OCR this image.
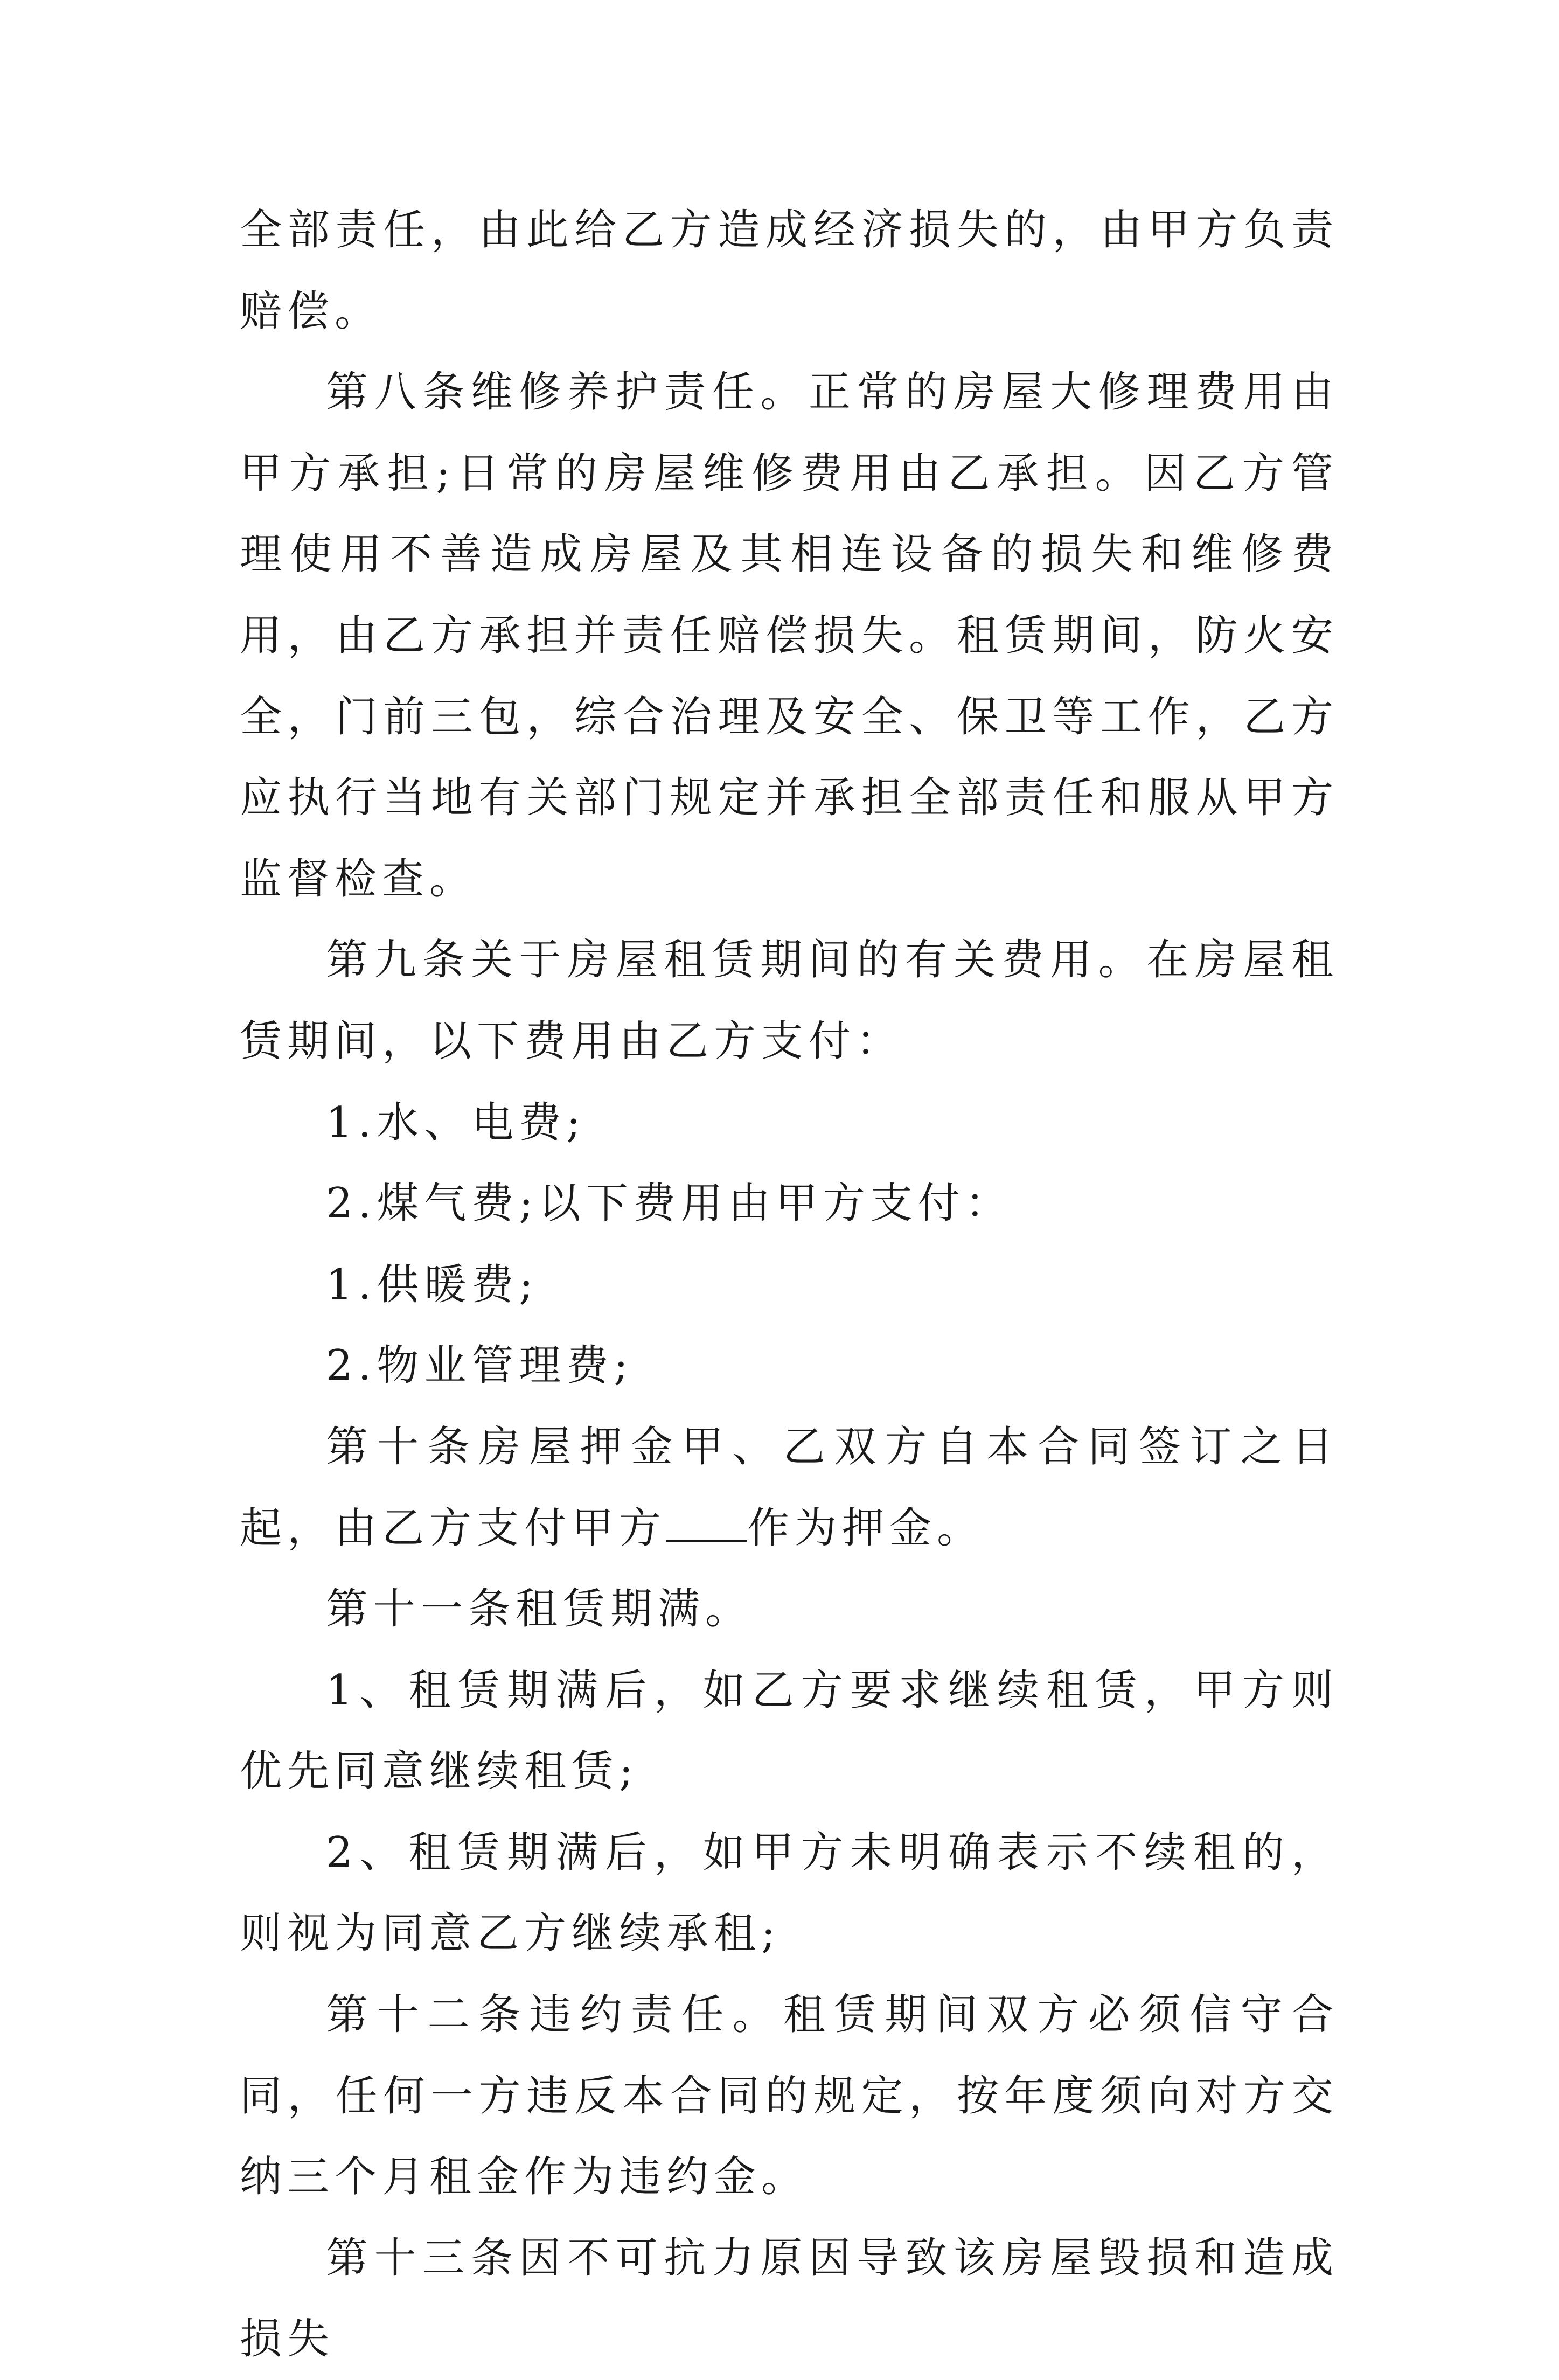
全部责任，由此给乙方造成经济损失的，由甲方负责赔偿。

第八条维修养护责任。正常的房屋大修理费用由甲方承担;日常的房屋维修费用由乙承担。因乙方管理使用不善造成房屋及其相连设备的损失和维修费用，由乙方承担并责任赔偿损失。租赁期间，防火安全，门前三包，综合治理及安全、保卫等工作，乙方应执行当地有关部门规定并承担全部责任和服从甲方监督检查。

第九条关于房屋租赁期间的有关费用。在房屋租赁期间，以下费用由乙方支付：

1.水、电费;

2.煤气费;以下费用由甲方支付：

1.供暖费;

2.物业管理费;

第十条房屋押金甲、乙双方自本合同签订之日起，由乙方支付甲方 作为押金。

第十一条租赁期满。

1、租赁期满后，如乙方要求继续租赁，甲方则优先同意继续租赁;

2、租赁期满后，如甲方未明确表示不续租的，则视为同意乙方继续承租;

第十二条违约责任。租赁期间双方必须信守合同，任何一方违反本合同的规定，按年度须向对方交纳三个月租金作为违约金。

第十三条因不可抗力原因导致该房屋毁损和造成损失
